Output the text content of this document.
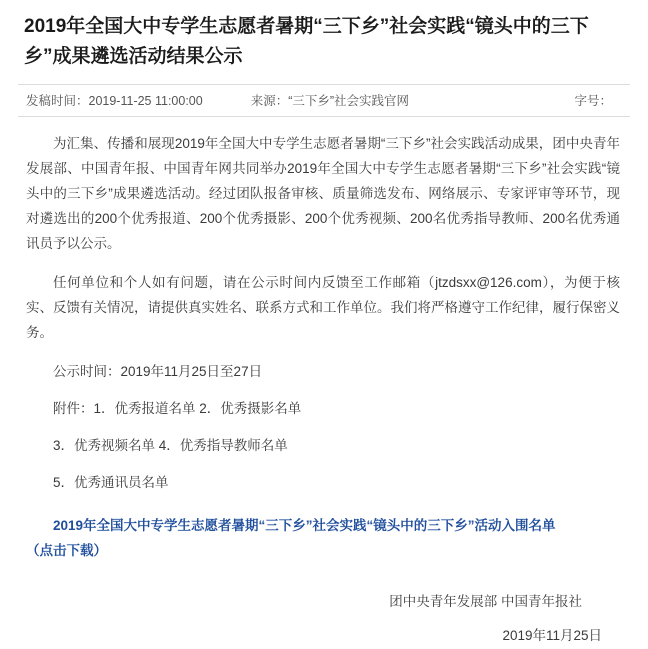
2019年全国大中专学生志愿者暑期“三下乡”社会实践“镜头中的三下乡”成果遴选活动结果公示
发稿时间：2019-11-25 11:00:00	来源：“三下乡”社会实践官网	字号：

为汇集、传播和展现2019年全国大中专学生志愿者暑期“三下乡”社会实践活动成果，团中央青年发展部、中国青年报、中国青年网共同举办2019年全国大中专学生志愿者暑期“三下乡”社会实践“镜头中的三下乡”成果遴选活动。经过团队报备审核、质量筛选发布、网络展示、专家评审等环节，现对遴选出的200个优秀报道、200个优秀摄影、200个优秀视频、200名优秀指导教师、200名优秀通讯员予以公示。

任何单位和个人如有问题，请在公示时间内反馈至工作邮箱（jtzdsxx@126.com），为便于核实、反馈有关情况，请提供真实姓名、联系方式和工作单位。我们将严格遵守工作纪律，履行保密义务。

公示时间：2019年11月25日至27日

附件：1．优秀报道名单 2．优秀摄影名单

3．优秀视频名单 4．优秀指导教师名单

5．优秀通讯员名单

2019年全国大中专学生志愿者暑期“三下乡”社会实践“镜头中的三下乡”活动入围名单
（点击下载）
团中央青年发展部 中国青年报社
2019年11月25日
